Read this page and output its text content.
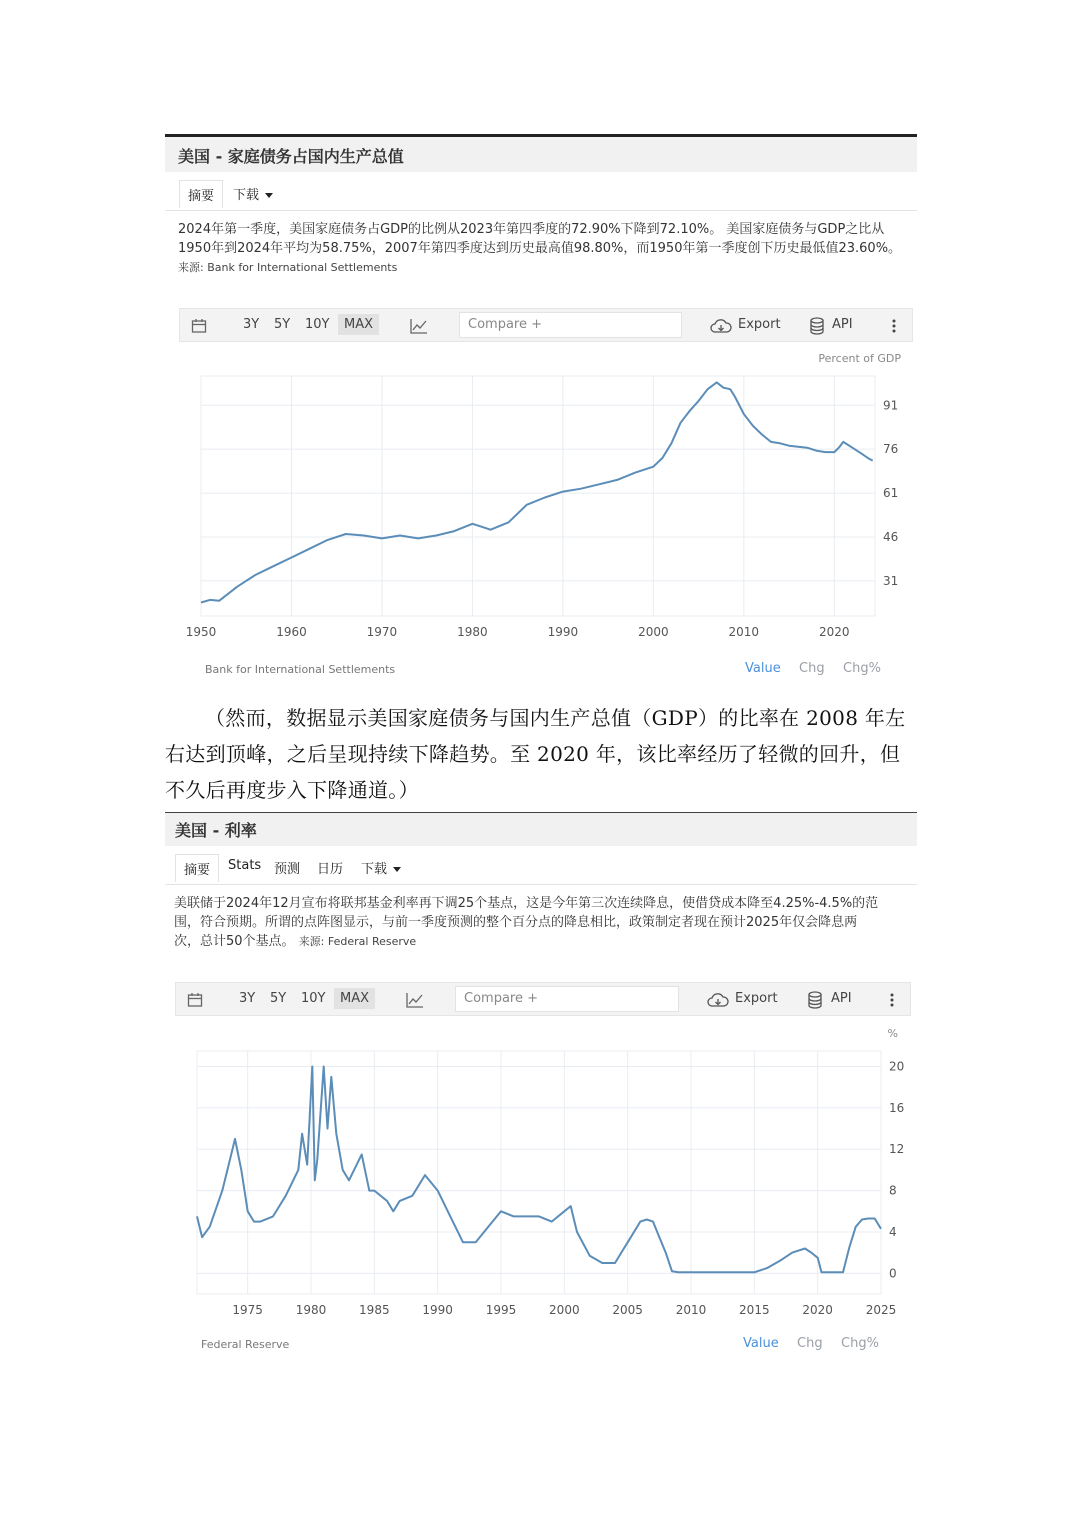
美国 - 家庭债务占国内生产总值
摘要	下载
2024年第一季度，美国家庭债务占GDP的比例从2023年第四季度的72.90%下降到72.10%。 美国家庭债务与GDP之比从
1950年到2024年平均为58.75%，2007年第四季度达到历史最高值98.80%，而1950年第一季度创下历史最低值23.60%。
来源: Bank for International Settlements
3Y 5Y 10Y	MAX	Compare +	Export	API
1950	1960	1970	1980	1990	2000	2010	2020
31
46
61
76
91
Percent of GDP
Bank for International Settlements	Value Chg Chg%
（然而，数据显示美国家庭债务与国内生产总值（GDP）的比率在 2008 年左右达到顶峰，之后呈现持续下降趋势。至 2020 年，该比率经历了轻微的回升，但不久后再度步入下降通道。）
美国 - 利率
摘要	Stats 预测	日历	下载
美联储于2024年12月宣布将联邦基金利率再下调25个基点，这是今年第三次连续降息，使借贷成本降至4.25%-4.5%的范
围，符合预期。所谓的点阵图显示，与前一季度预测的整个百分点的降息相比，政策制定者现在预计2025年仅会降息两
次，总计50个基点。 来源: Federal Reserve
3Y 5Y 10Y	MAX	Compare +	Export	API
1975	1980	1985	1990	1995	2000	2005	2010	2015	2020	2025
0
4
8
12
16
20
%
Federal Reserve	Value Chg Chg%
